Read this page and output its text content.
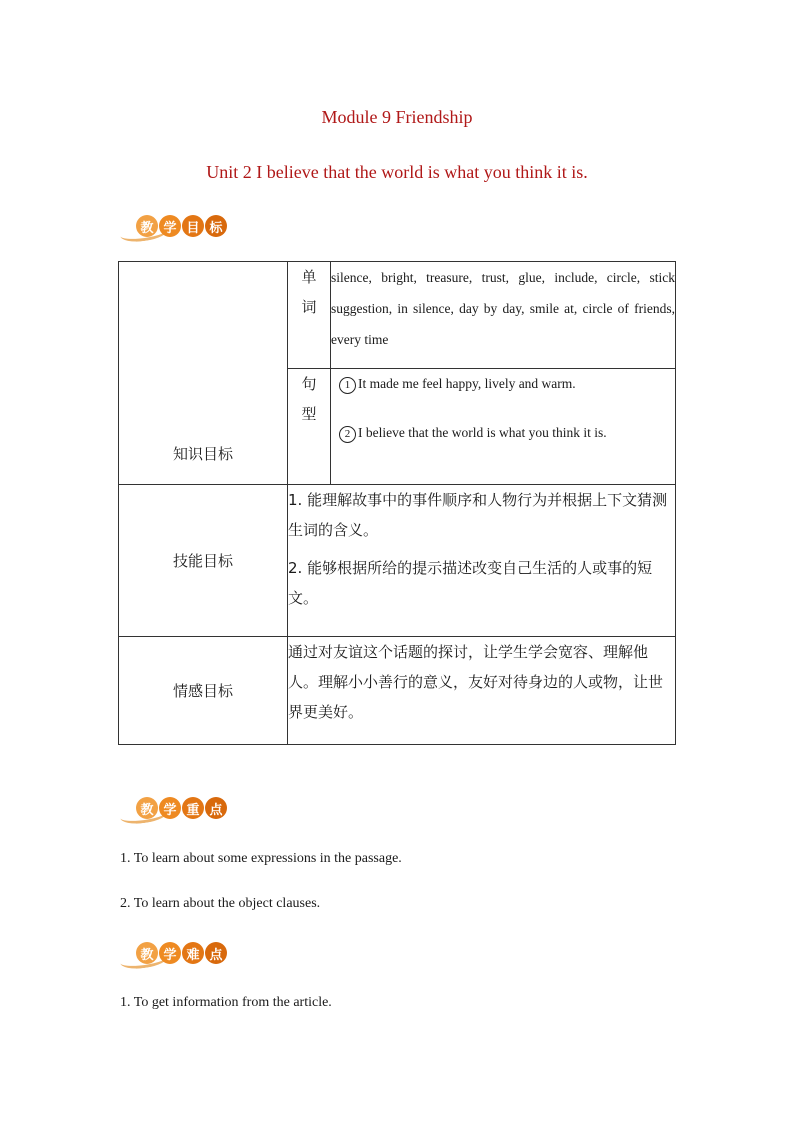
Module 9 Friendship
Unit 2 I believe that the world is what you think it is.
教 学 目 标
知识目标	单词	silence, bright, treasure, trust, glue, include, circle, stick suggestion, in silence, day by day, smile at, circle of friends, every time
	句型	1 It made me feel happy, lively and warm.
2 I believe that the world is what you think it is.

技能目标	1. 能理解故事中的事件顺序和人物行为并根据上下文猜测生词的含义。

2. 能够根据所给的提示描述改变自己生活的人或事的短文。	

情感目标	通过对友谊这个话题的探讨，让学生学会宽容、理解他人。理解小小善行的意义，友好对待身边的人或物，让世界更美好。	

教 学 重 点

1. To learn about some expressions in the passage.

2. To learn about the object clauses.

教 学 难 点

1. To get information from the article.
